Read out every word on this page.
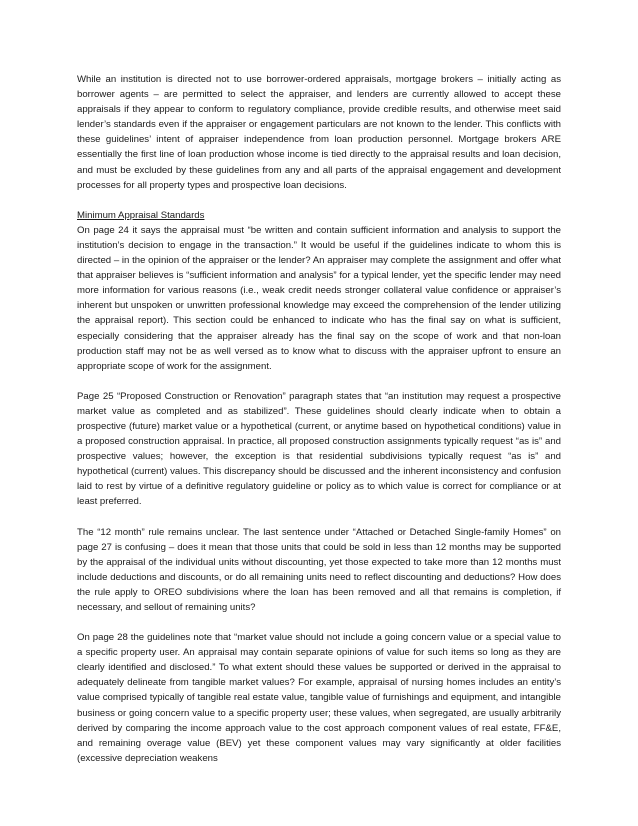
While an institution is directed not to use borrower-ordered appraisals, mortgage brokers – initially acting as borrower agents – are permitted to select the appraiser, and lenders are currently allowed to accept these appraisals if they appear to conform to regulatory compliance, provide credible results, and otherwise meet said lender’s standards even if the appraiser or engagement particulars are not known to the lender. This conflicts with these guidelines’ intent of appraiser independence from loan production personnel. Mortgage brokers ARE essentially the first line of loan production whose income is tied directly to the appraisal results and loan decision, and must be excluded by these guidelines from any and all parts of the appraisal engagement and development processes for all property types and prospective loan decisions.

Minimum Appraisal Standards

On page 24 it says the appraisal must “be written and contain sufficient information and analysis to support the institution’s decision to engage in the transaction.” It would be useful if the guidelines indicate to whom this is directed – in the opinion of the appraiser or the lender? An appraiser may complete the assignment and offer what that appraiser believes is “sufficient information and analysis” for a typical lender, yet the specific lender may need more information for various reasons (i.e., weak credit needs stronger collateral value confidence or appraiser’s inherent but unspoken or unwritten professional knowledge may exceed the comprehension of the lender utilizing the appraisal report). This section could be enhanced to indicate who has the final say on what is sufficient, especially considering that the appraiser already has the final say on the scope of work and that non-loan production staff may not be as well versed as to know what to discuss with the appraiser upfront to ensure an appropriate scope of work for the assignment.

Page 25 “Proposed Construction or Renovation” paragraph states that “an institution may request a prospective market value as completed and as stabilized”. These guidelines should clearly indicate when to obtain a prospective (future) market value or a hypothetical (current, or anytime based on hypothetical conditions) value in a proposed construction appraisal. In practice, all proposed construction assignments typically request “as is” and prospective values; however, the exception is that residential subdivisions typically request “as is” and hypothetical (current) values. This discrepancy should be discussed and the inherent inconsistency and confusion laid to rest by virtue of a definitive regulatory guideline or policy as to which value is correct for compliance or at least preferred.

The “12 month” rule remains unclear. The last sentence under “Attached or Detached Single-family Homes” on page 27 is confusing – does it mean that those units that could be sold in less than 12 months may be supported by the appraisal of the individual units without discounting, yet those expected to take more than 12 months must include deductions and discounts, or do all remaining units need to reflect discounting and deductions? How does the rule apply to OREO subdivisions where the loan has been removed and all that remains is completion, if necessary, and sellout of remaining units?

On page 28 the guidelines note that “market value should not include a going concern value or a special value to a specific property user. An appraisal may contain separate opinions of value for such items so long as they are clearly identified and disclosed.” To what extent should these values be supported or derived in the appraisal to adequately delineate from tangible market values? For example, appraisal of nursing homes includes an entity’s value comprised typically of tangible real estate value, tangible value of furnishings and equipment, and intangible business or going concern value to a specific property user; these values, when segregated, are usually arbitrarily derived by comparing the income approach value to the cost approach component values of real estate, FF&E, and remaining overage value (BEV) yet these component values may vary significantly at older facilities (excessive depreciation weakens
